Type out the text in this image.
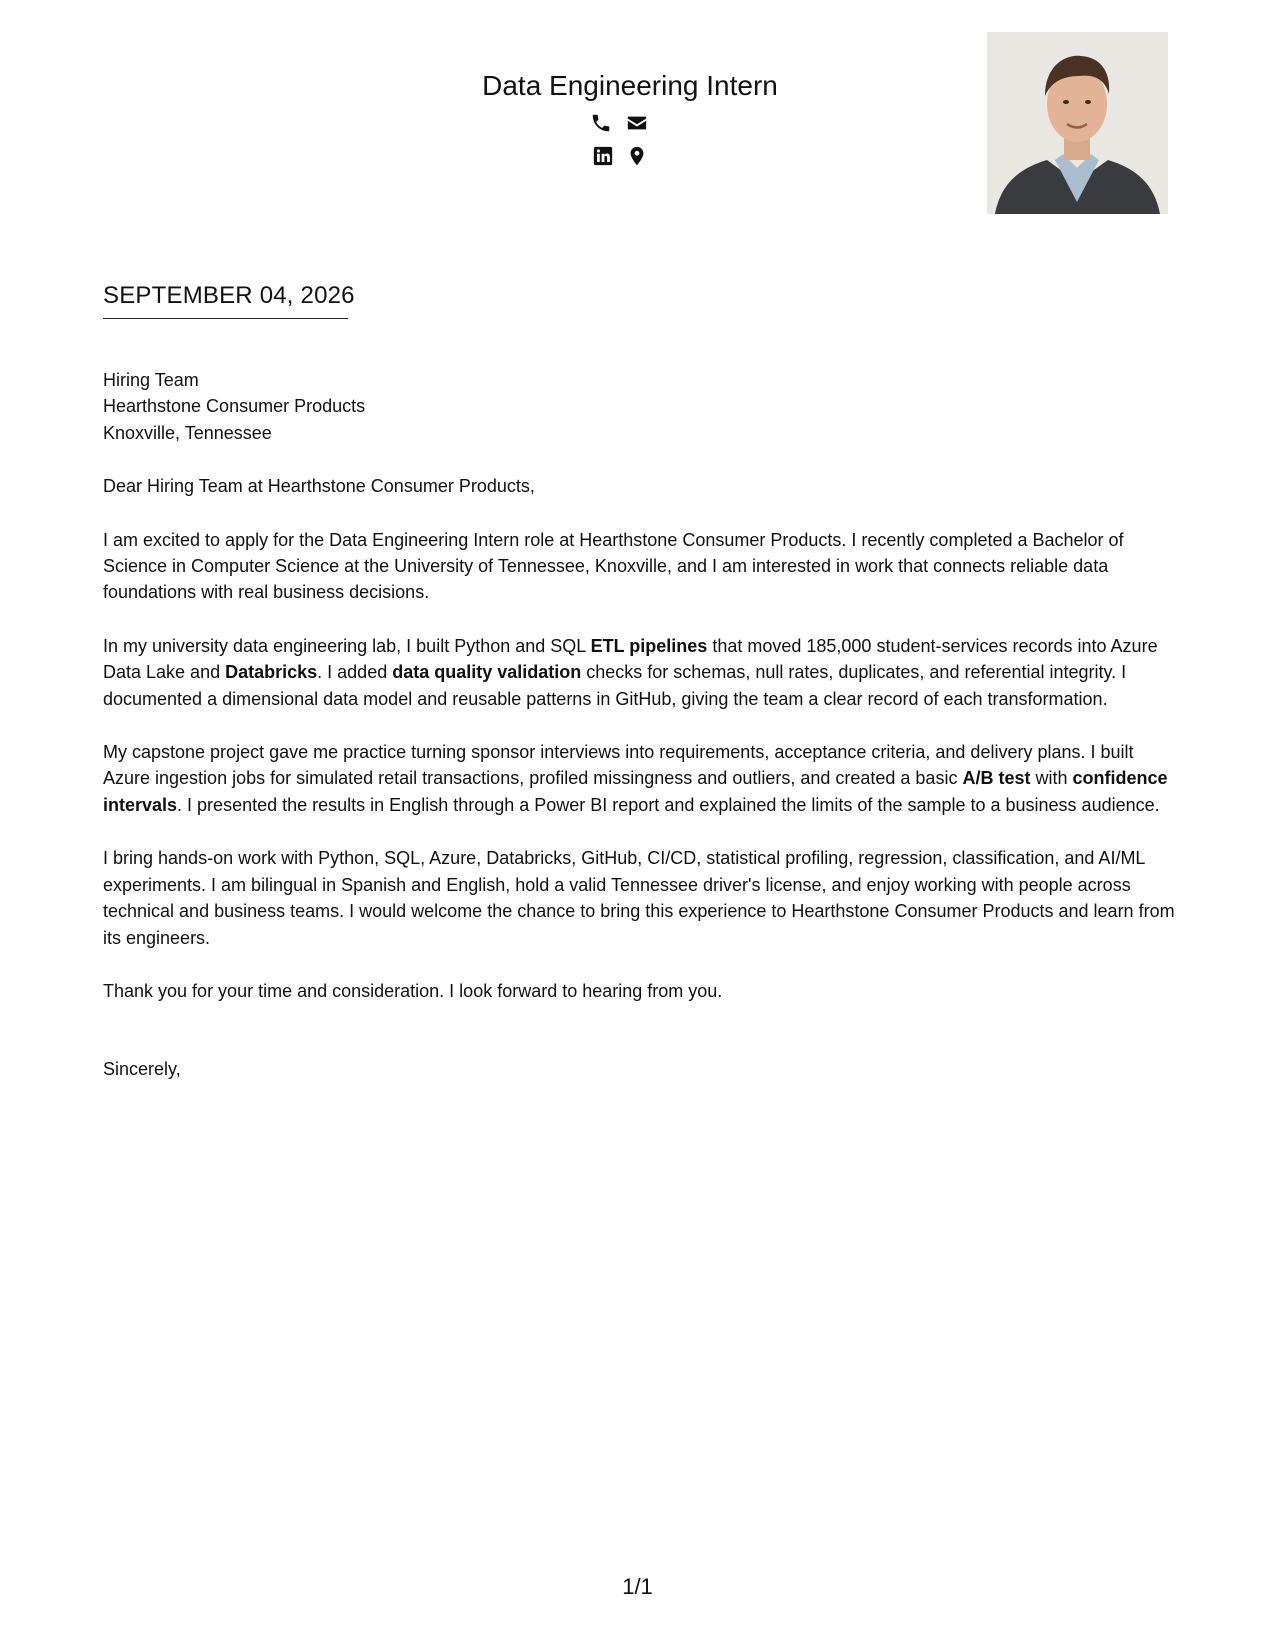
Data Engineering Intern
SEPTEMBER 04, 2026

Hiring Team
Hearthstone Consumer Products
Knoxville, Tennessee

Dear Hiring Team at Hearthstone Consumer Products,

I am excited to apply for the Data Engineering Intern role at Hearthstone Consumer Products. I recently completed a Bachelor of Science in Computer Science at the University of Tennessee, Knoxville, and I am interested in work that connects reliable data foundations with real business decisions.

In my university data engineering lab, I built Python and SQL ETL pipelines that moved 185,000 student-services records into Azure Data Lake and Databricks. I added data quality validation checks for schemas, null rates, duplicates, and referential integrity. I documented a dimensional data model and reusable patterns in GitHub, giving the team a clear record of each transformation.

My capstone project gave me practice turning sponsor interviews into requirements, acceptance criteria, and delivery plans. I built Azure ingestion jobs for simulated retail transactions, profiled missingness and outliers, and created a basic A/B test with confidence intervals. I presented the results in English through a Power BI report and explained the limits of the sample to a business audience.

I bring hands-on work with Python, SQL, Azure, Databricks, GitHub, CI/CD, statistical profiling, regression, classification, and AI/ML experiments. I am bilingual in Spanish and English, hold a valid Tennessee driver's license, and enjoy working with people across technical and business teams. I would welcome the chance to bring this experience to Hearthstone Consumer Products and learn from its engineers.

Thank you for your time and consideration. I look forward to hearing from you.

Sincerely,

1/1
